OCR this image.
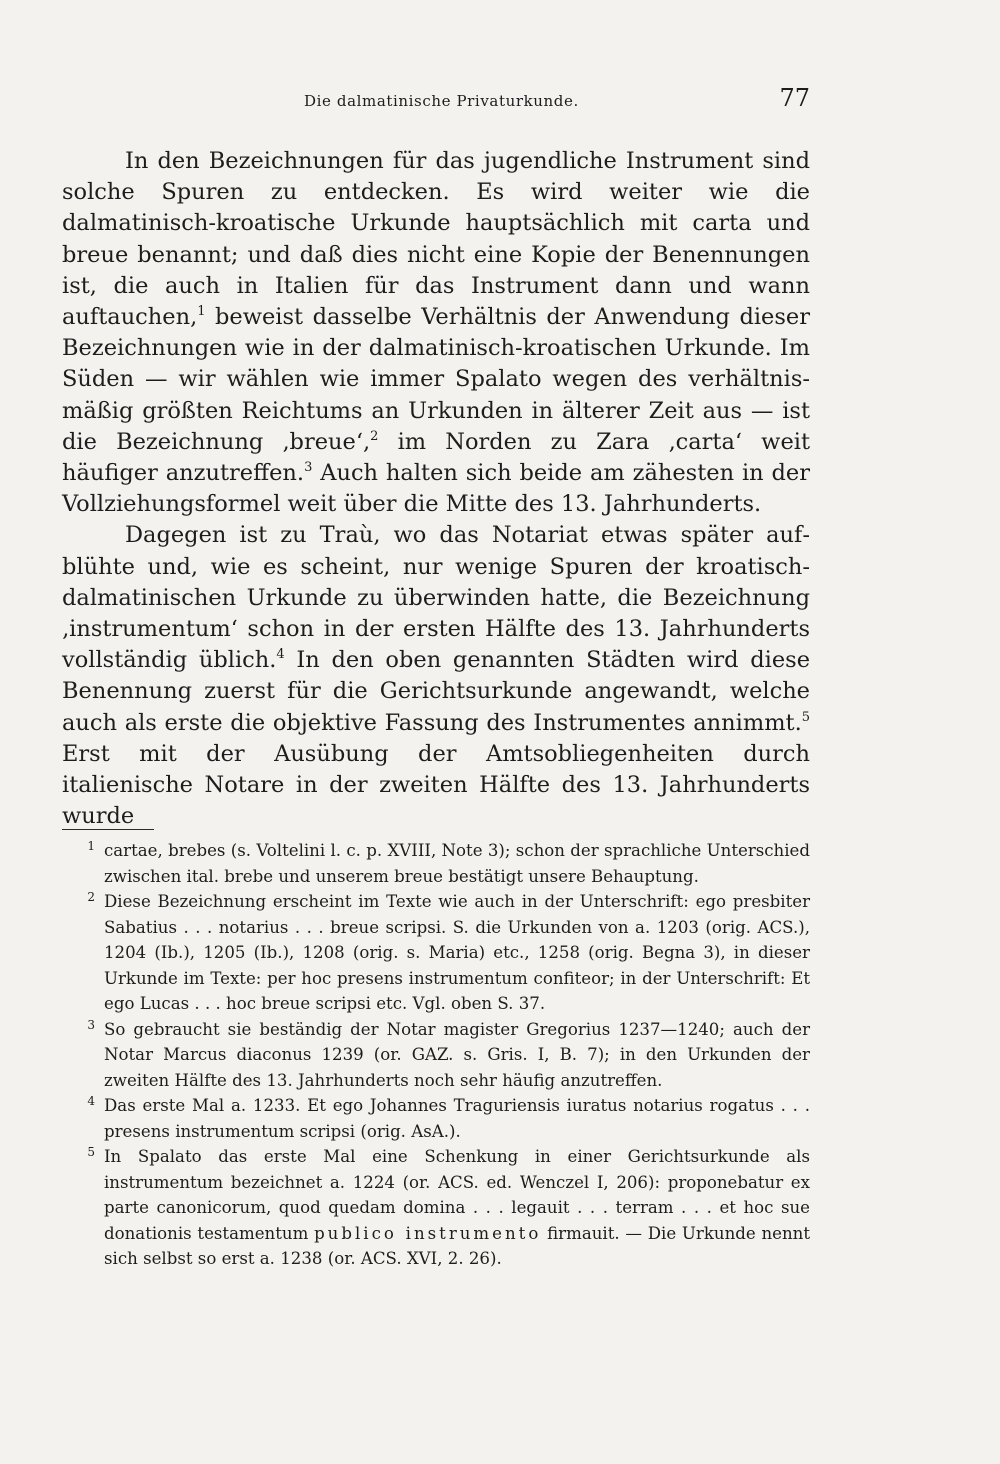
Die dalmatinische Privaturkunde.	77

In den Bezeichnungen für das jugendliche Instrument sind solche Spuren zu entdecken. Es wird weiter wie die dalmatinisch-kroatische Urkunde hauptsächlich mit carta und breue benannt; und daß dies nicht eine Kopie der Benennungen ist, die auch in Italien für das Instrument dann und wann auftauchen,$^1$ beweist dasselbe Verhältnis der Anwendung dieser Bezeichnungen wie in der dalmatinisch-kroatischen Urkunde. Im Süden — wir wählen wie immer Spalato wegen des verhältnismäßig größten Reichtums an Urkunden in älterer Zeit aus — ist die Bezeichnung ‚breue‘,$^2$ im Norden zu Zara ‚carta‘ weit häufiger anzutreffen.$^3$ Auch halten sich beide am zähesten in der Vollziehungsformel weit über die Mitte des 13. Jahrhunderts.

Dagegen ist zu Traù, wo das Notariat etwas später aufblühte und, wie es scheint, nur wenige Spuren der kroatisch-dalmatinischen Urkunde zu überwinden hatte, die Bezeichnung ‚instrumentum‘ schon in der ersten Hälfte des 13. Jahrhunderts vollständig üblich.$^4$ In den oben genannten Städten wird diese Benennung zuerst für die Gerichtsurkunde angewandt, welche auch als erste die objektive Fassung des Instrumentes annimmt.$^5$ Erst mit der Ausübung der Amtsobliegenheiten durch italienische Notare in der zweiten Hälfte des 13. Jahrhunderts wurde

1 cartae, brebes (s. Voltelini l. c. p. XVIII, Note 3); schon der sprachliche Unterschied zwischen ital. brebe und unserem breue bestätigt unsere Behauptung.
2 Diese Bezeichnung erscheint im Texte wie auch in der Unterschrift: ego presbiter Sabatius . . . notarius . . . breue scripsi. S. die Urkunden von a. 1203 (orig. ACS.), 1204 (Ib.), 1205 (Ib.), 1208 (orig. s. Maria) etc., 1258 (orig. Begna 3), in dieser Urkunde im Texte: per hoc presens instrumentum confiteor; in der Unterschrift: Et ego Lucas . . . hoc breue scripsi etc. Vgl. oben S. 37.
3 So gebraucht sie beständig der Notar magister Gregorius 1237—1240; auch der Notar Marcus diaconus 1239 (or. GAZ. s. Gris. I, B. 7); in den Urkunden der zweiten Hälfte des 13. Jahrhunderts noch sehr häufig anzutreffen.
4 Das erste Mal a. 1233. Et ego Johannes Traguriensis iuratus notarius rogatus . . . presens instrumentum scripsi (orig. AsA.).
5 In Spalato das erste Mal eine Schenkung in einer Gerichtsurkunde als instrumentum bezeichnet a. 1224 (or. ACS. ed. Wenczel I, 206): proponebatur ex parte canonicorum, quod quedam domina . . . legauit . . . terram . . . et hoc sue donationis testamentum publico instrumento firmauit. — Die Urkunde nennt sich selbst so erst a. 1238 (or. ACS. XVI, 2. 26).
